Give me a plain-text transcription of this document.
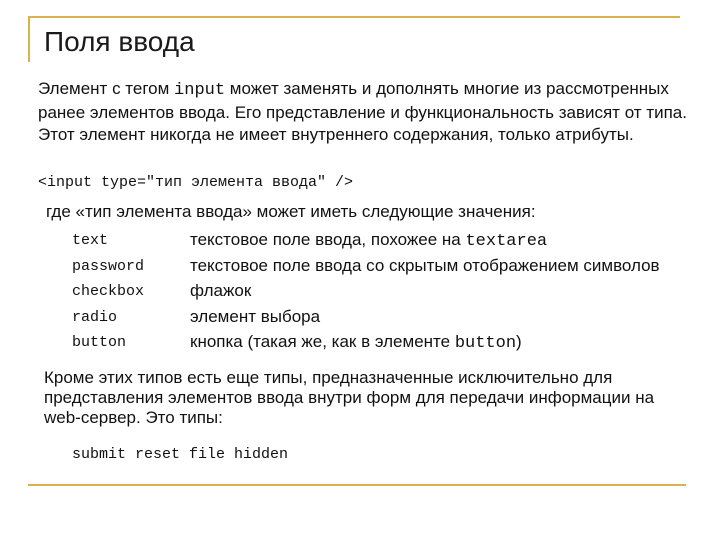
Поля ввода
Элемент с тегом input может заменять и дополнять многие из рассмотренных ранее элементов ввода. Его представление и функциональность зависят от типа. Этот элемент никогда не имеет внутреннего содержания, только атрибуты.
<input type="тип элемента ввода" />
где «тип элемента ввода» может иметь следующие значения:
text	текстовое поле ввода, похожее на textarea
password	текстовое поле ввода со скрытым отображением символов
checkbox	флажок
radio	элемент выбора
button	кнопка (такая же, как в элементе button)
Кроме этих типов есть еще типы, предназначенные исключительно для представления элементов ввода внутри форм для передачи информации на web-сервер. Это типы:
submit reset file hidden
